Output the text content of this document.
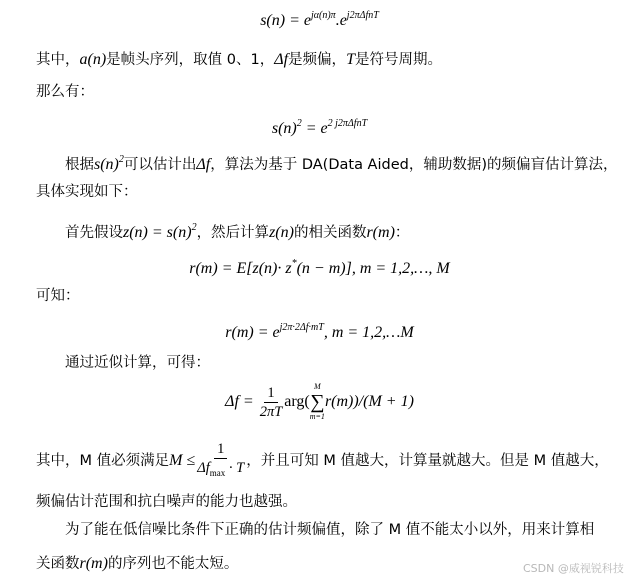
$s(n) = e^{j\alpha(n)\pi}.e^{j2\pi\Delta fnT}$
其中，a(n)是帧头序列，取值 0、1，Δf是频偏，T是符号周期。
那么有：
$s(n)^2 = e^{2 j2\pi\Delta fnT}$
根据$s(n)^2$可以估计出Δf，算法为基于 DA(Data Aided，辅助数据)的频偏盲估计算法，
具体实现如下：
首先假设$z(n) = s(n)^2$，然后计算z(n)的相关函数r(m)：
r(m) = E[z(n)· z*(n − m)], m = 1,2,…, M
可知：
$r(m) = e^{j2\pi\cdot 2\Delta f\cdot mT}$, m = 1,2,…M
通过近似计算，可得：
$\Delta f = \frac{1}{2\pi T} arg$(
M
∑
m=1
r(m))/(M + 1)
其中，M 值必须满足$M \le \frac{1}{\Delta f_{max} \cdot T}$ ，并且可知 M 值越大，计算量就越大。但是 M 值越大，
频偏估计范围和抗白噪声的能力也越强。
为了能在低信噪比条件下正确的估计频偏值，除了 M 值不能太小以外，用来计算相
关函数r(m)的序列也不能太短。	CSDN @威视锐科技
